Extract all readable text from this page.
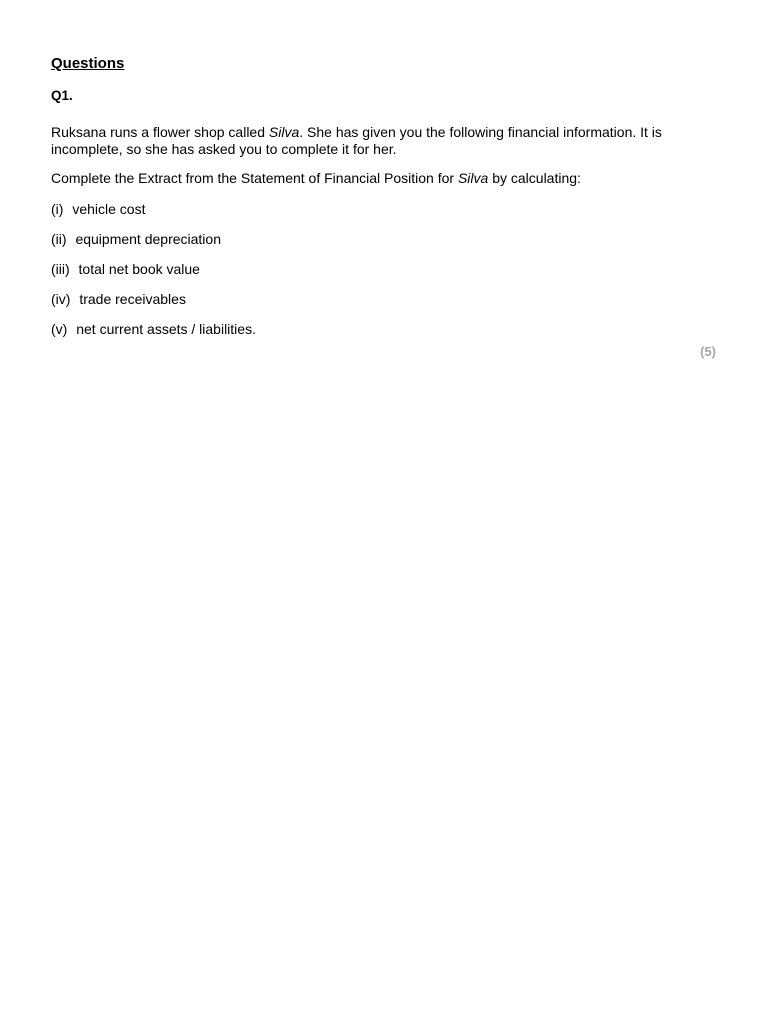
Questions
Q1.

Ruksana runs a flower shop called Silva. She has given you the following financial information. It is incomplete, so she has asked you to complete it for her.

Complete the Extract from the Statement of Financial Position for Silva by calculating:

(i) vehicle cost
(ii) equipment depreciation
(iii) total net book value
(iv) trade receivables
(v) net current assets / liabilities.
(5)
